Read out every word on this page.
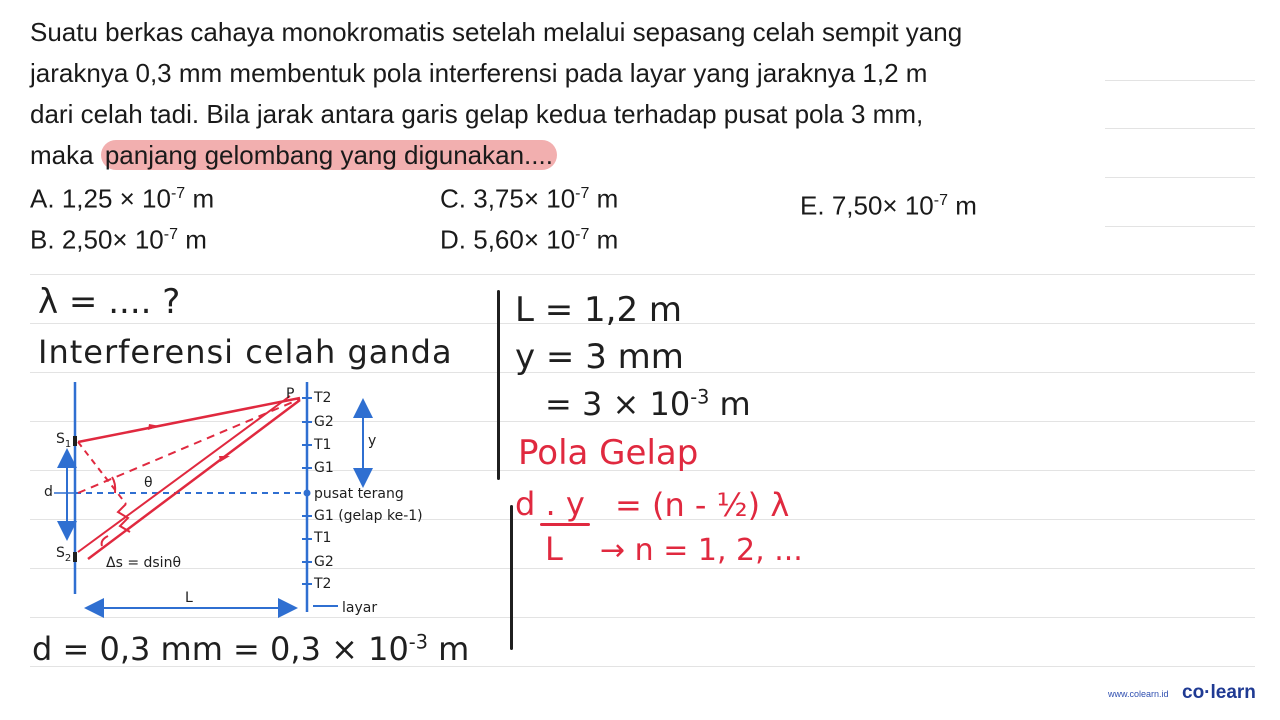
Suatu berkas cahaya monokromatis setelah melalui sepasang celah sempit yang
jaraknya 0,3 mm membentuk pola interferensi pada layar yang jaraknya 1,2 m
dari celah tadi. Bila jarak antara garis gelap kedua terhadap pusat pola 3 mm,
maka panjang gelombang yang digunakan....
A. $1,25 \times 10^{-7}$ m
B. $2,50\times 10^{-7}$ m
C. $3,75\times 10^{-7}$ m
D. $5,60\times 10^{-7}$ m
E. $7,50\times 10^{-7}$ m
λ = .... ?
Interferensi celah ganda
d = 0,3 mm = $0,3 \times 10^{-3}$ m
L = 1,2 m
y = 3 mm
= $3 \times 10^{-3}$ m
Pola Gelap
d . y
L
= (n - ½) λ
→ n = 1, 2, ...
P
$S_1$
$S_2$
d
θ
Δs = dsinθ
L
y
T2
G2
T1
G1
pusat terang
G1 (gelap ke-1)
T1
G2
T2
layar
www.colearn.id co·learn
